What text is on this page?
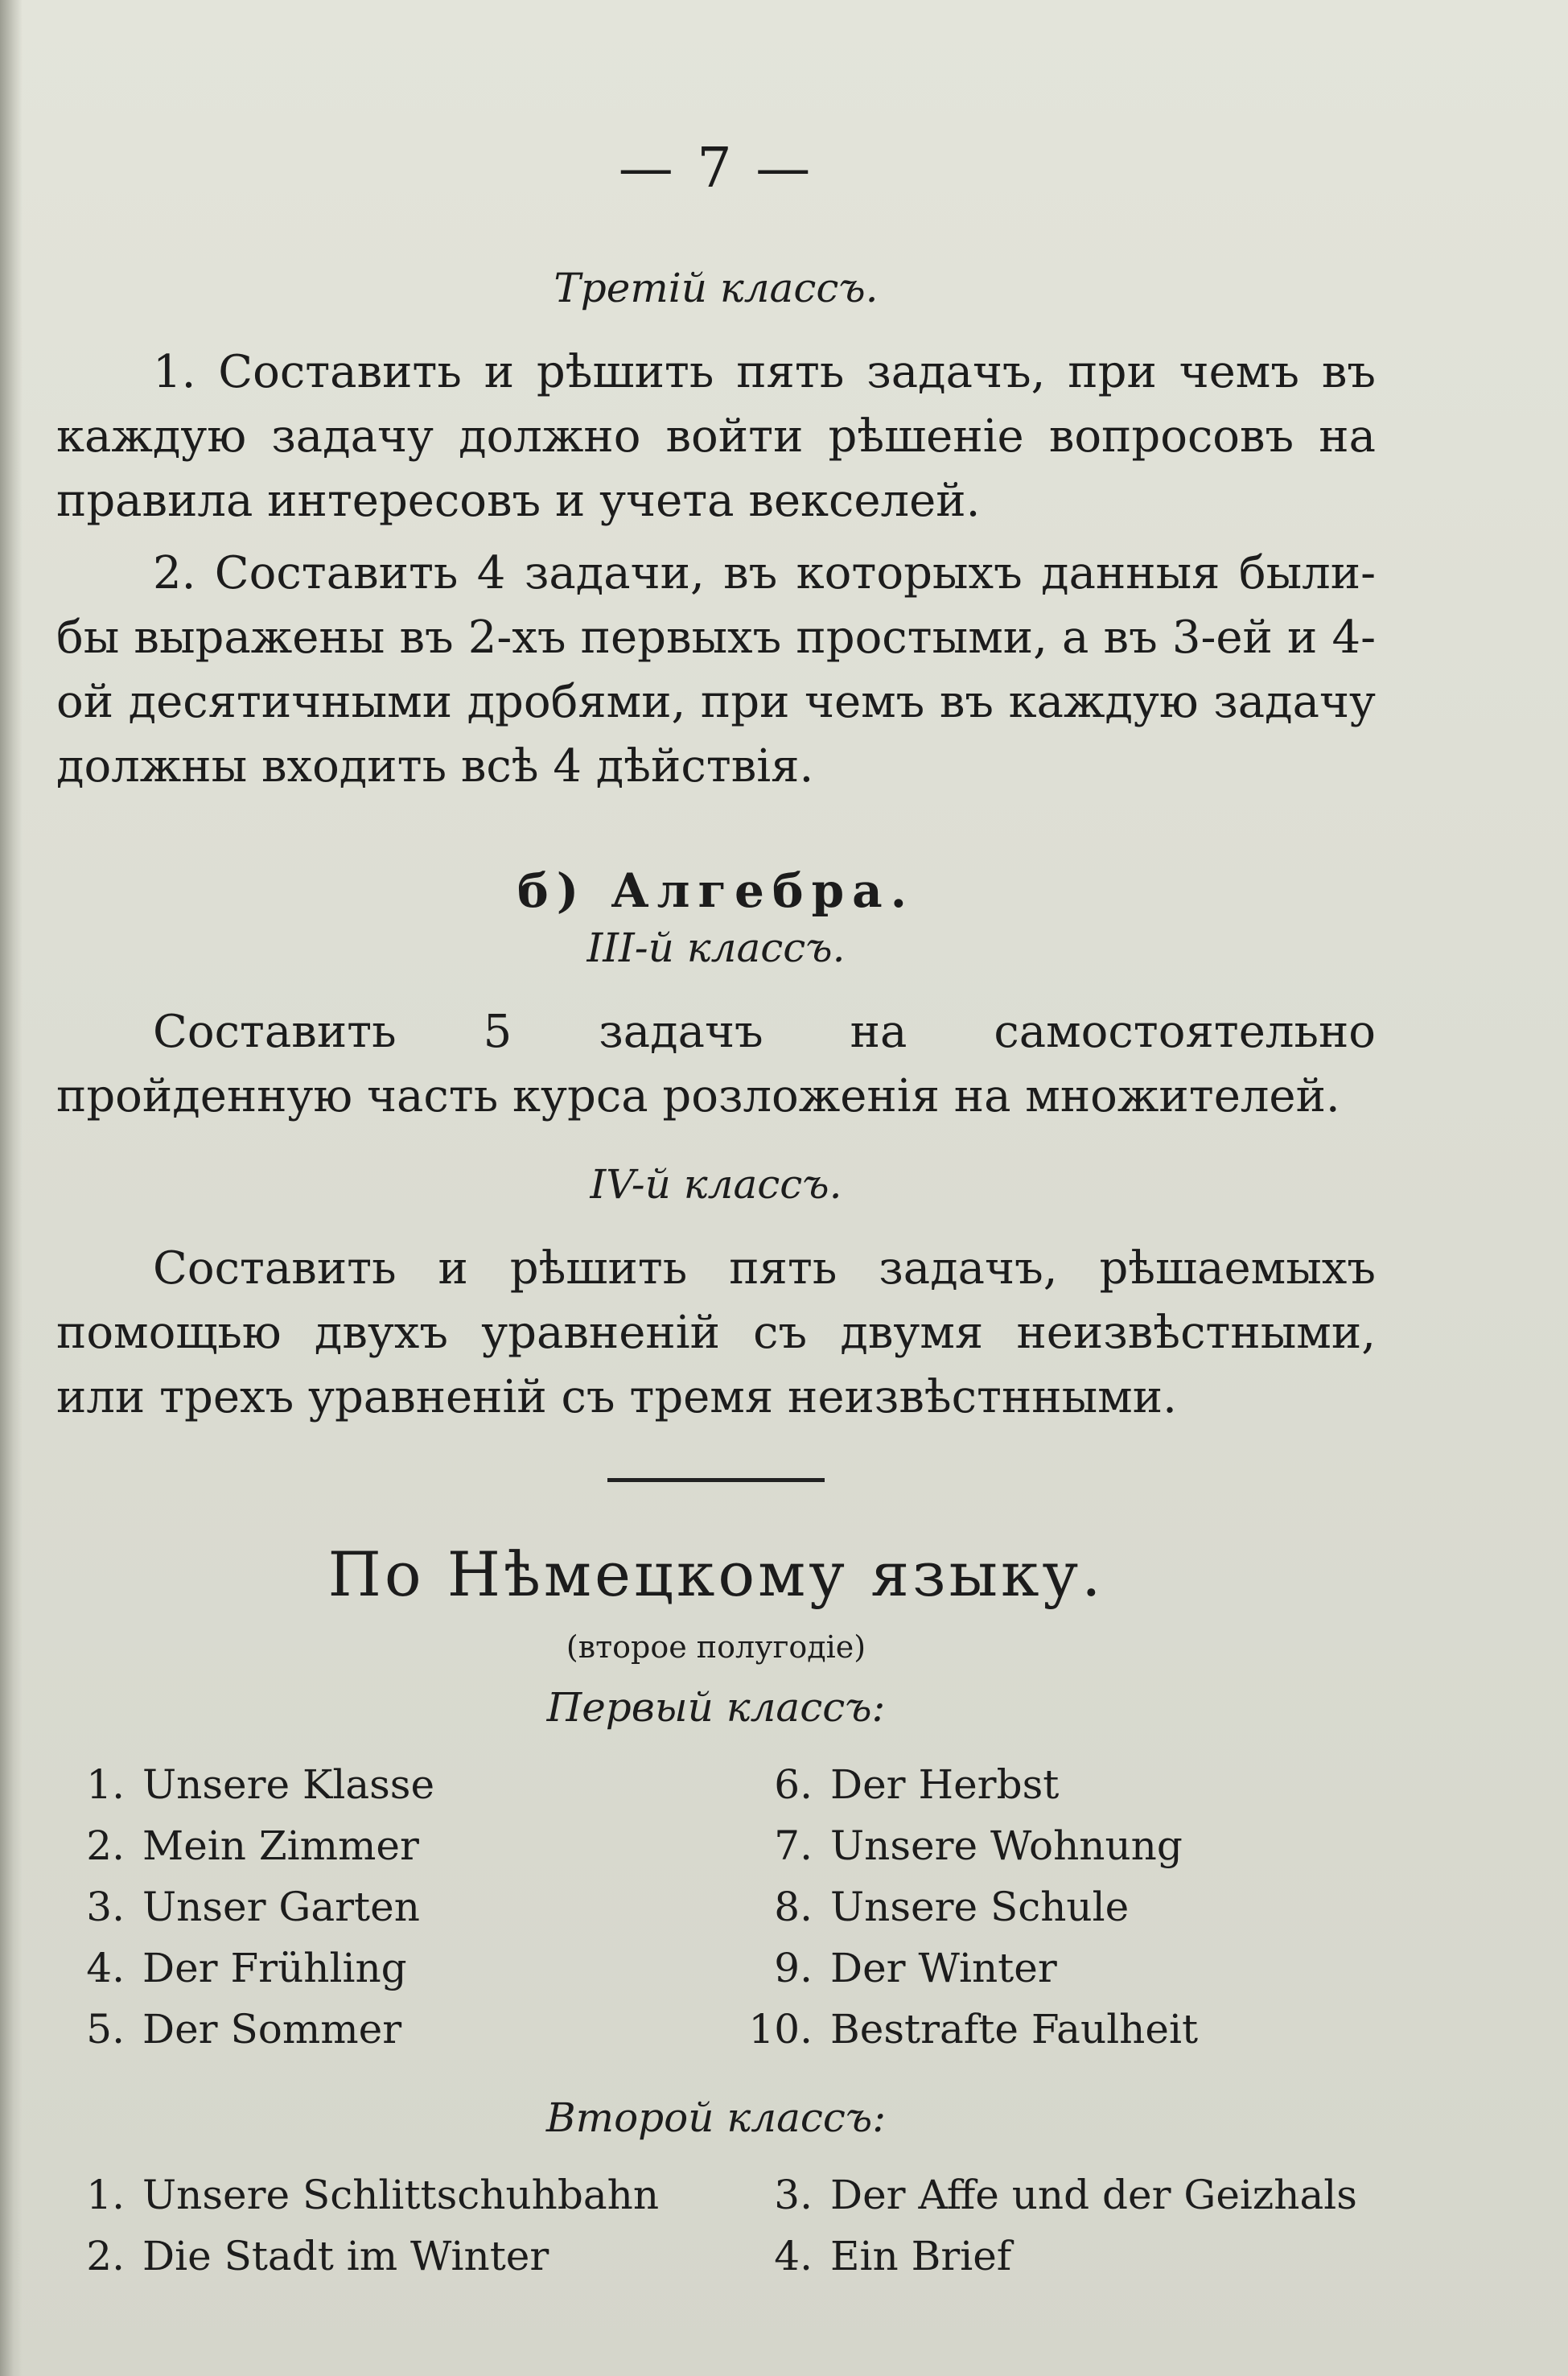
— 7 —
Третій классъ.

1. Составить и рѣшить пять задачъ, при чемъ въ каждую задачу должно войти рѣшеніе вопросовъ на правила интересовъ и учета векселей.

2. Составить 4 задачи, въ которыхъ данныя были-бы выражены въ 2-хъ первыхъ простыми, а въ 3-ей и 4-ой десятичными дробями, при чемъ въ каждую задачу должны входить всѣ 4 дѣйствія.

б) Алгебра.
III-й классъ.

Составить 5 задачъ на самостоятельно пройденную часть курса розложенія на множителей.

IV-й классъ.

Составить и рѣшить пять задачъ, рѣшаемыхъ помощью двухъ уравненій съ двумя неизвѣстными, или трехъ уравненій съ тремя неизвѣстнными.

По Нѣмецкому языку.
(второе полугодіе)
Первый классъ:
1. Unsere Klasse	6. Der Herbst
2. Mein Zimmer	7. Unsere Wohnung
3. Unser Garten	8. Unsere Schule
4. Der Frühling	9. Der Winter
5. Der Sommer	10. Bestrafte Faulheit
Второй классъ:
1. Unsere Schlittschuhbahn	3. Der Affe und der Geizhals
2. Die Stadt im Winter	4. Ein Brief
